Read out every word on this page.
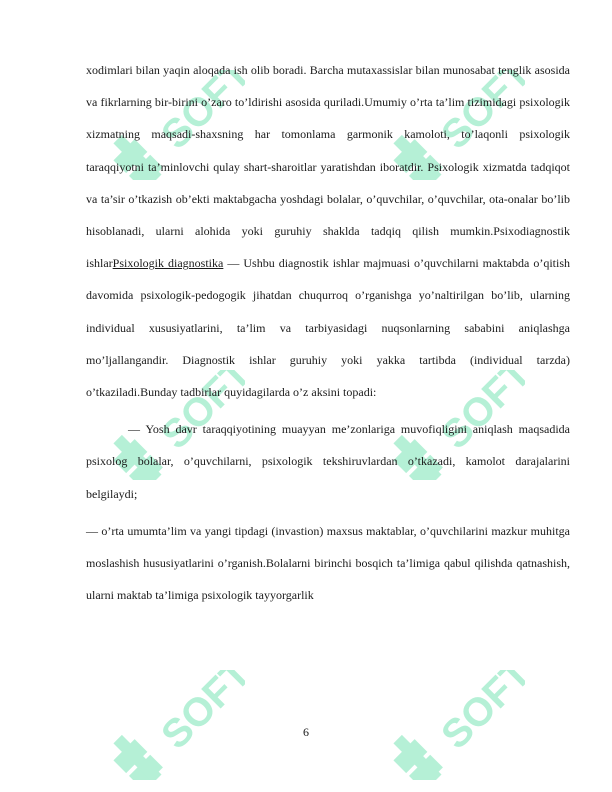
SOFT	SOFT
SOFT	SOFT
SOFT	SOFT

xodimlari bilan yaqin aloqada ish olib boradi. Barcha mutaxassislar bilan munosabat tenglik asosida va fikrlarning bir-birini o’zaro to’ldirishi asosida quriladi.Umumiy o’rta ta’lim tizimidagi psixologik xizmatning maqsadi-shaxsning har tomonlama garmonik kamoloti, to’laqonli psixologik taraqqiyotni ta’minlovchi qulay shart-sharoitlar yaratishdan iboratdir. Psixologik xizmatda tadqiqot va ta’sir o’tkazish ob’ekti maktabgacha yoshdagi bolalar, o’quvchilar, o’quvchilar, ota-onalar bo’lib hisoblanadi, ularni alohida yoki guruhiy shaklda tadqiq qilish mumkin.Psixodiagnostik ishlarPsixologik diagnostika — Ushbu diagnostik ishlar majmuasi o’quvchilarni maktabda o’qitish davomida psixologik-pedogogik jihatdan chuqurroq o’rganishga yo’naltirilgan bo’lib, ularning individual xususiyatlarini, ta’lim va tarbiyasidagi nuqsonlarning sababini aniqlashga mo’ljallangandir. Diagnostik ishlar guruhiy yoki yakka tartibda (individual tarzda) o’tkaziladi.Bunday tadbirlar quyidagilarda o’z aksini topadi:

— Yosh davr taraqqiyotining muayyan me’zonlariga muvofiqligini aniqlash maqsadida psixolog bolalar, o’quvchilarni, psixologik tekshiruvlardan o’tkazadi, kamolot darajalarini belgilaydi;

— o’rta umumta’lim va yangi tipdagi (invastion) maxsus maktablar, o’quvchilarini mazkur muhitga moslashish hususiyatlarini o’rganish.Bolalarni birinchi bosqich ta’limiga qabul qilishda qatnashish, ularni maktab ta’limiga psixologik tayyorgarlik

6
